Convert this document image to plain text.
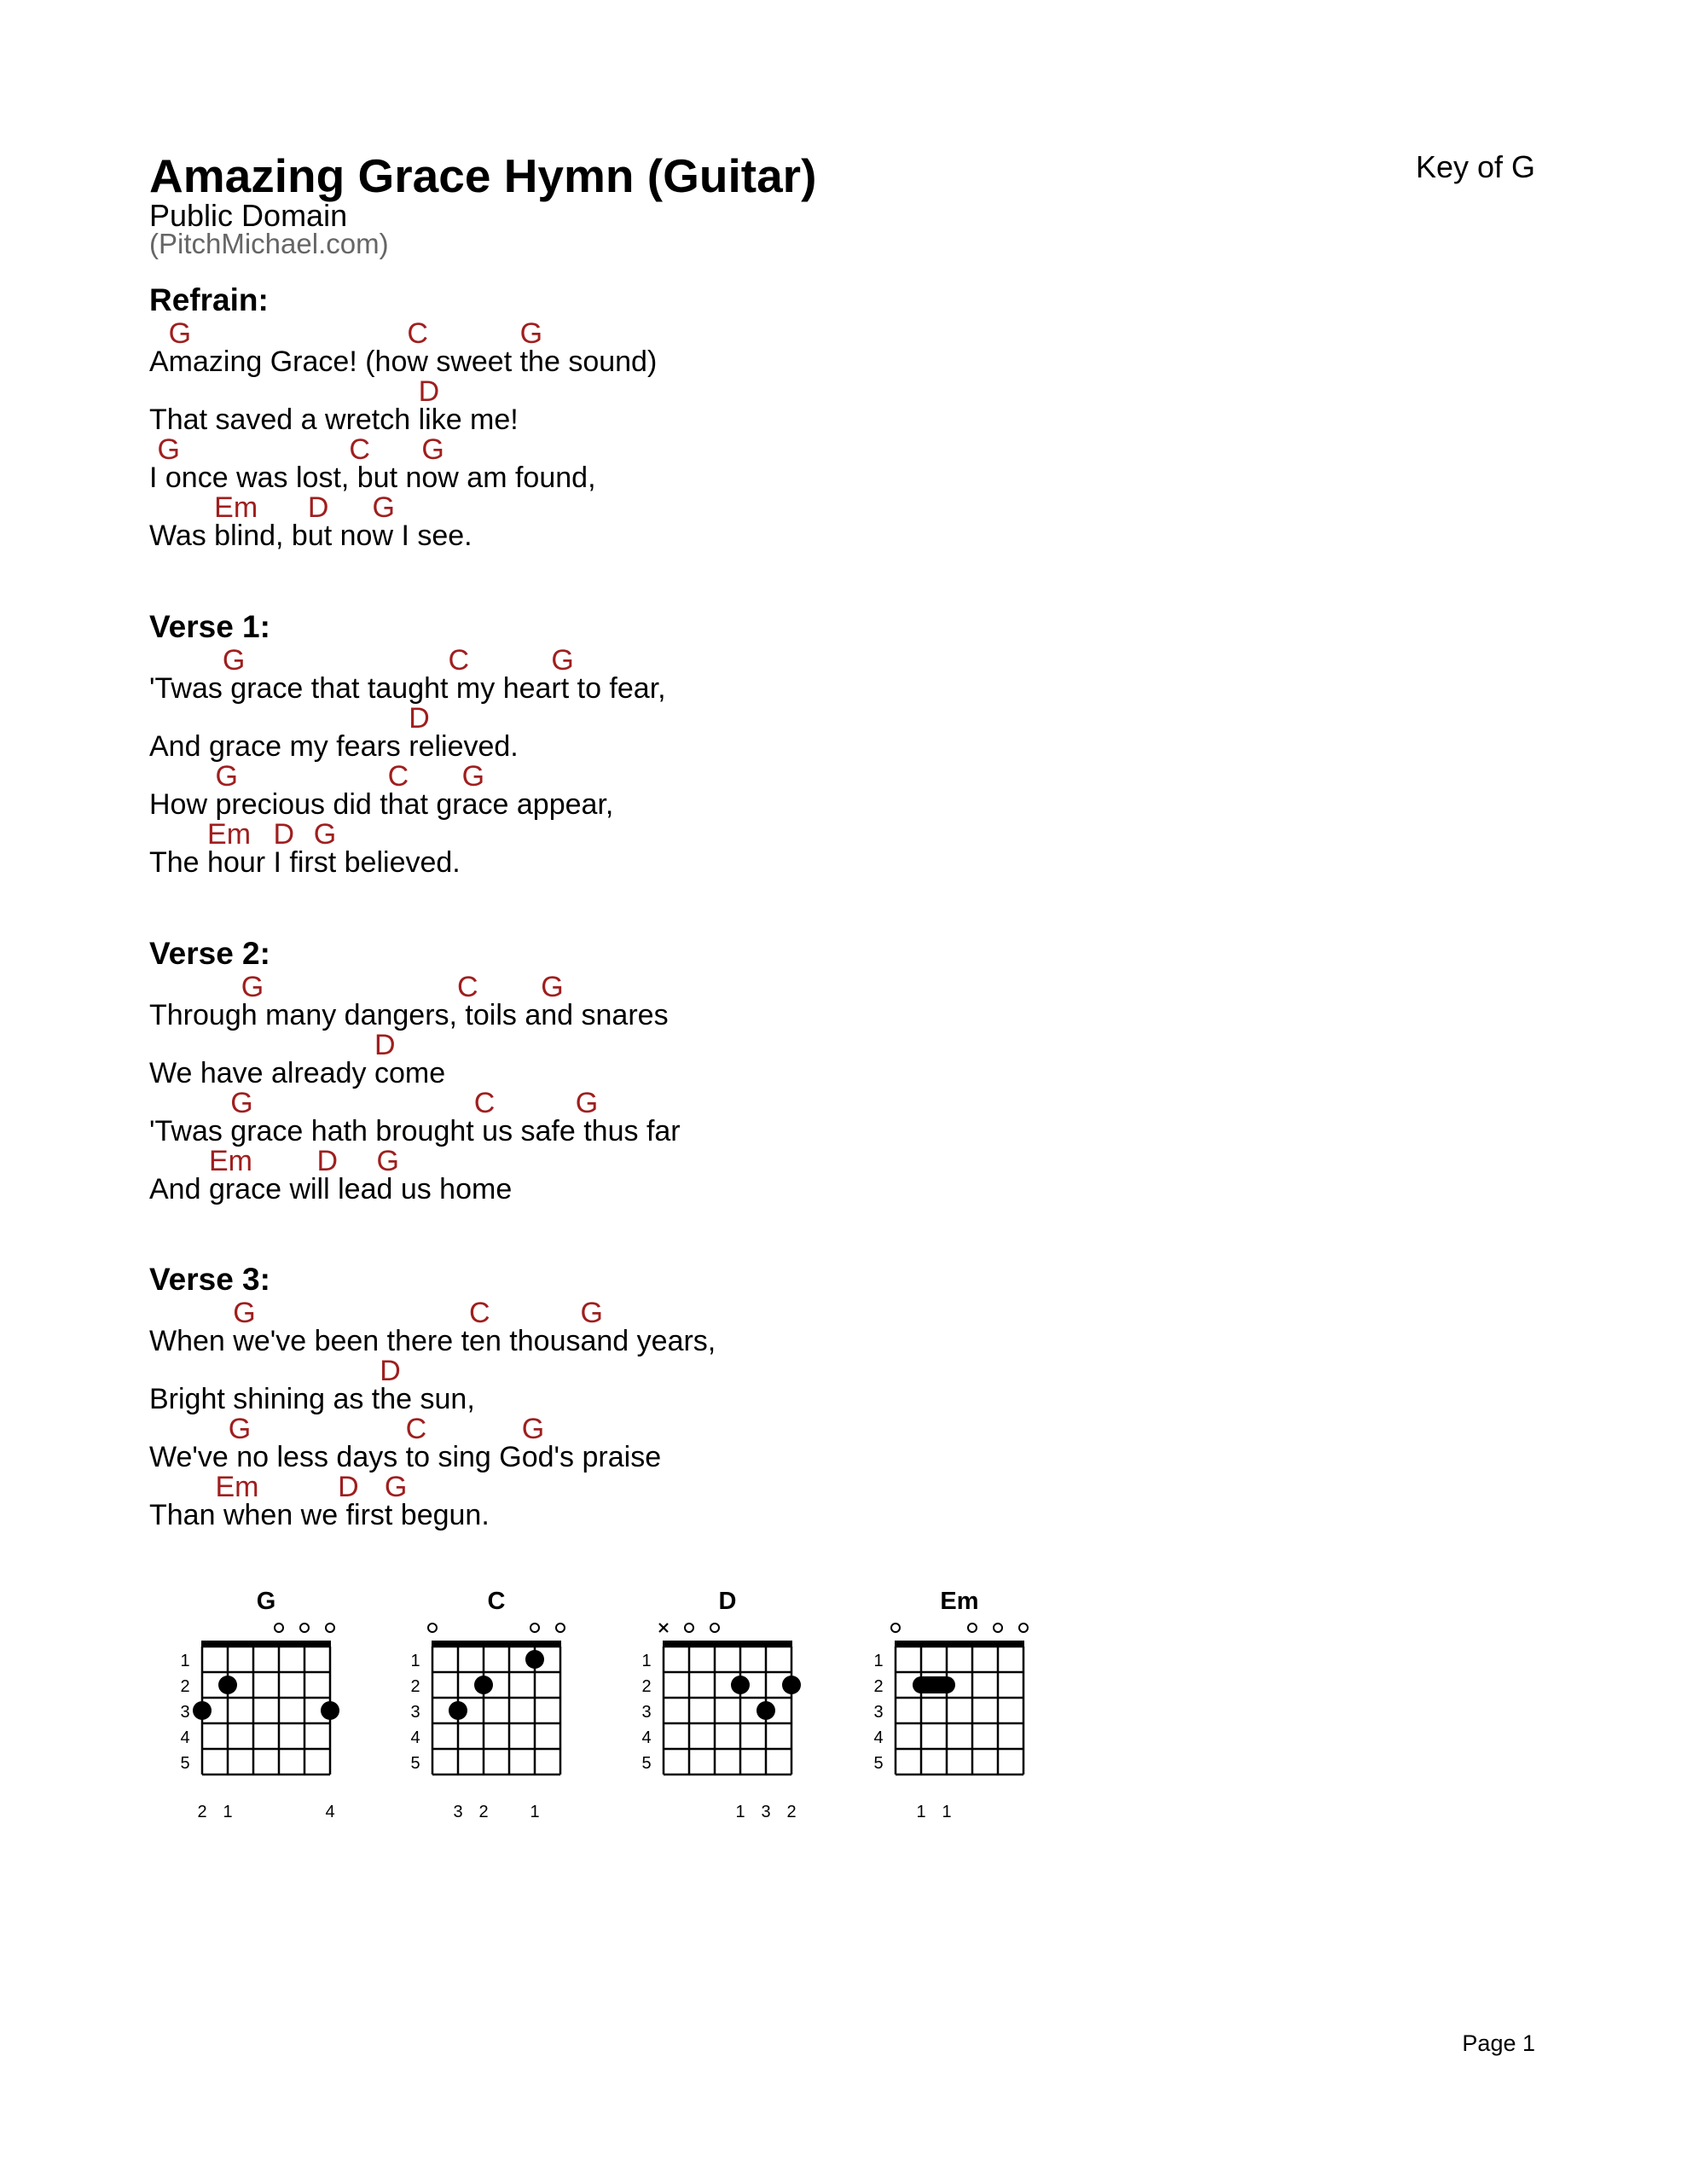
Amazing Grace Hymn (Guitar)
Public Domain
(PitchMichael.com)
Key of G
Refrain:
G	C	G
Amazing Grace! (how sweet the sound)
D
That saved a wretch like me!
G	C G
I once was lost, but now am found,
Em D G
Was blind, but now I see.
Verse 1:
G	C	G
'Twas grace that taught my heart to fear,
D
And grace my fears relieved.
G	C G
How precious did that grace appear,
Em D G
The hour I first believed.
Verse 2:
G	C G
Through many dangers, toils and snares
D
We have already come
G	C	G
'Twas grace hath brought us safe thus far
Em D G
And grace will lead us home
Verse 3:
G	C	G
When we've been there ten thousand years,
D
Bright shining as the sun,
G	C	G
We've no less days to sing God's praise
Em	D G
Than when we first begun.
G
1
2
3
4
5
2 1	4
C
1
2
3
4
5
3 2 1
D
1
2
3
4
5
1 3 2
Em
1
2
3
4
5
1 1
Page 1
